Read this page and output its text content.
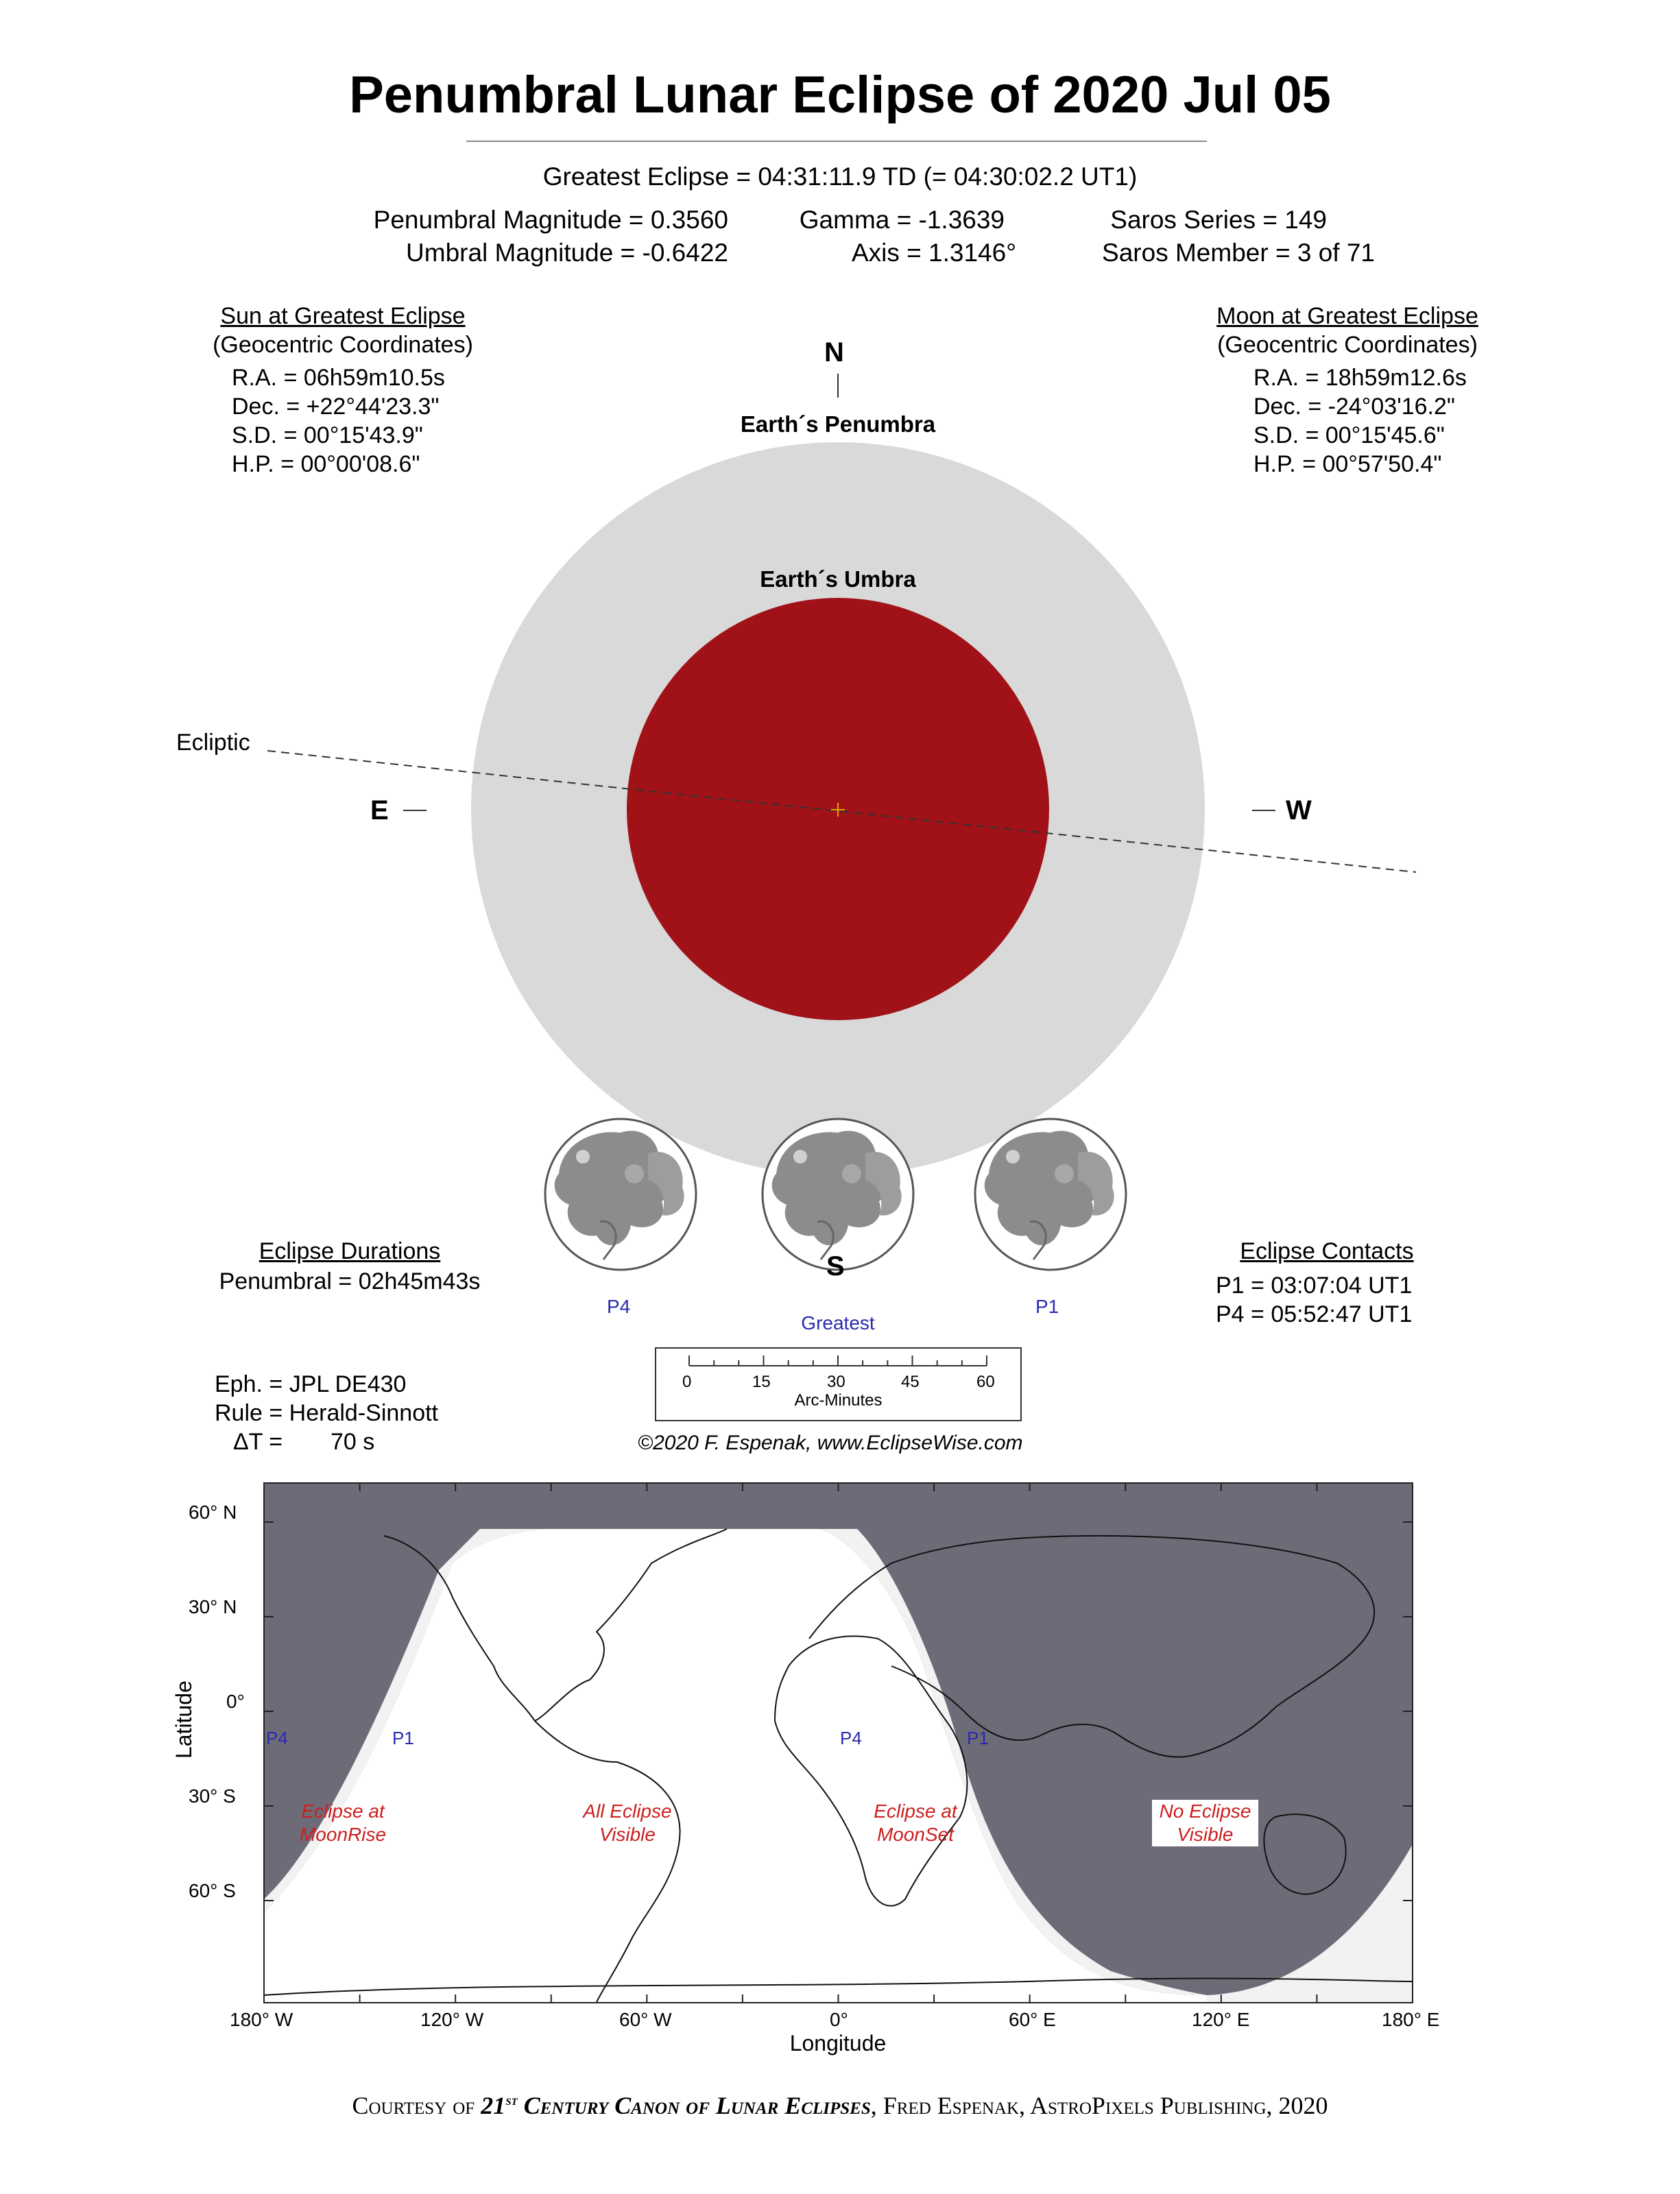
Penumbral Lunar Eclipse of 2020 Jul 05
Greatest Eclipse = 04:31:11.9 TD (= 04:30:02.2 UT1)
Penumbral Magnitude = 0.3560
Umbral Magnitude = -0.6422
Gamma = -1.3639
Axis = 1.3146°
Saros Series = 149
Saros Member = 3 of 71
Sun at Greatest Eclipse
(Geocentric Coordinates)
R.A. = 06h59m10.5s
Dec. = +22°44'23.3"
S.D. = 00°15'43.9"
H.P. = 00°00'08.6"
Moon at Greatest Eclipse
(Geocentric Coordinates)
R.A. = 18h59m12.6s
Dec. = -24°03'16.2"
S.D. = 00°15'45.6"
H.P. = 00°57'50.4"
N
Earth´s Penumbra
Earth´s Umbra
Ecliptic
E	W
S
P4
Greatest
P1
Eclipse Durations
Penumbral = 02h45m43s
Eclipse Contacts
P1 = 03:07:04 UT1
P4 = 05:52:47 UT1
Eph. = JPL DE430
Rule = Herald-Sinnott
ΔT = 70 s
0	15	30	45	60
Arc-Minutes
©2020 F. Espenak, www.EclipseWise.com
60° N
30° N
0°
30° S
60° S
Latitude
180° W	120° W	60° W	0°	60° E	120° E	180° E
Longitude
P4	P1	P4	P1
Eclipse at
MoonRise
All Eclipse
Visible
Eclipse at
MoonSet
No Eclipse
Visible
Courtesy of 21st Century Canon of Lunar Eclipses, Fred Espenak, AstroPixels Publishing, 2020
